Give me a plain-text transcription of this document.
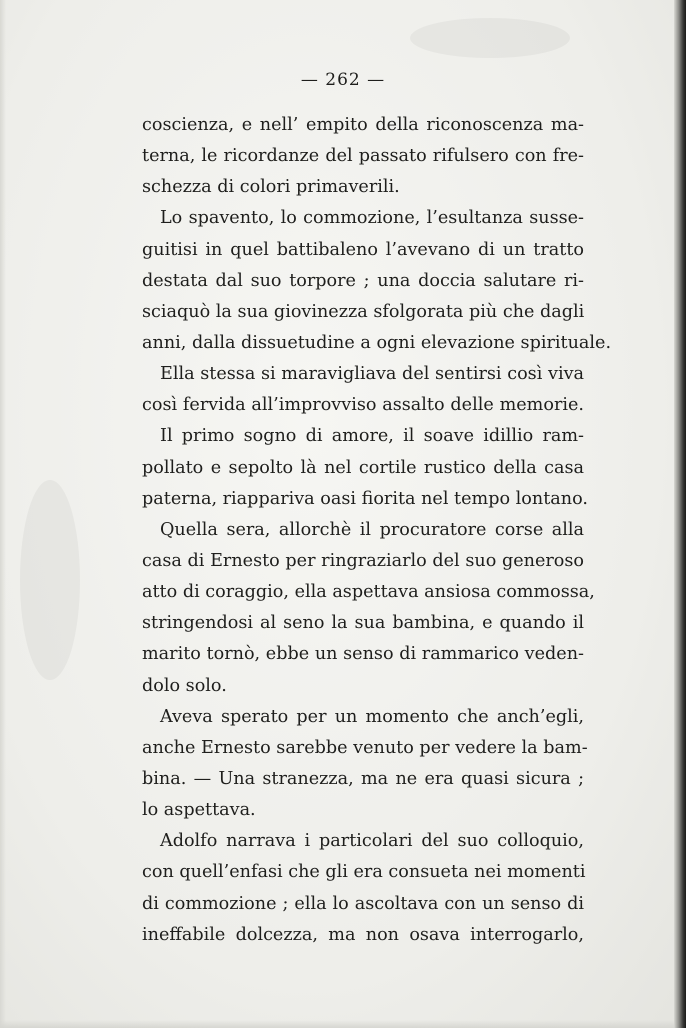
— 262 —
coscienza, e nell’ empito della riconoscenza ma-
terna, le ricordanze del passato rifulsero con fre-
schezza di colori primaverili.
Lo spavento, lo commozione, l’esultanza susse-
guitisi in quel battibaleno l’avevano di un tratto
destata dal suo torpore ; una doccia salutare ri-
sciaquò la sua giovinezza sfolgorata più che dagli
anni, dalla dissuetudine a ogni elevazione spirituale.
Ella stessa si maravigliava del sentirsi così viva
così fervida all’improvviso assalto delle memorie.
Il primo sogno di amore, il soave idillio ram-
pollato e sepolto là nel cortile rustico della casa
paterna, riappariva oasi fiorita nel tempo lontano.
Quella sera, allorchè il procuratore corse alla
casa di Ernesto per ringraziarlo del suo generoso
atto di coraggio, ella aspettava ansiosa commossa,
stringendosi al seno la sua bambina, e quando il
marito tornò, ebbe un senso di rammarico veden-
dolo solo.
Aveva sperato per un momento che anch’egli,
anche Ernesto sarebbe venuto per vedere la bam-
bina. — Una stranezza, ma ne era quasi sicura ;
lo aspettava.
Adolfo narrava i particolari del suo colloquio,
con quell’enfasi che gli era consueta nei momenti
di commozione ; ella lo ascoltava con un senso di
ineffabile dolcezza, ma non osava interrogarlo,
